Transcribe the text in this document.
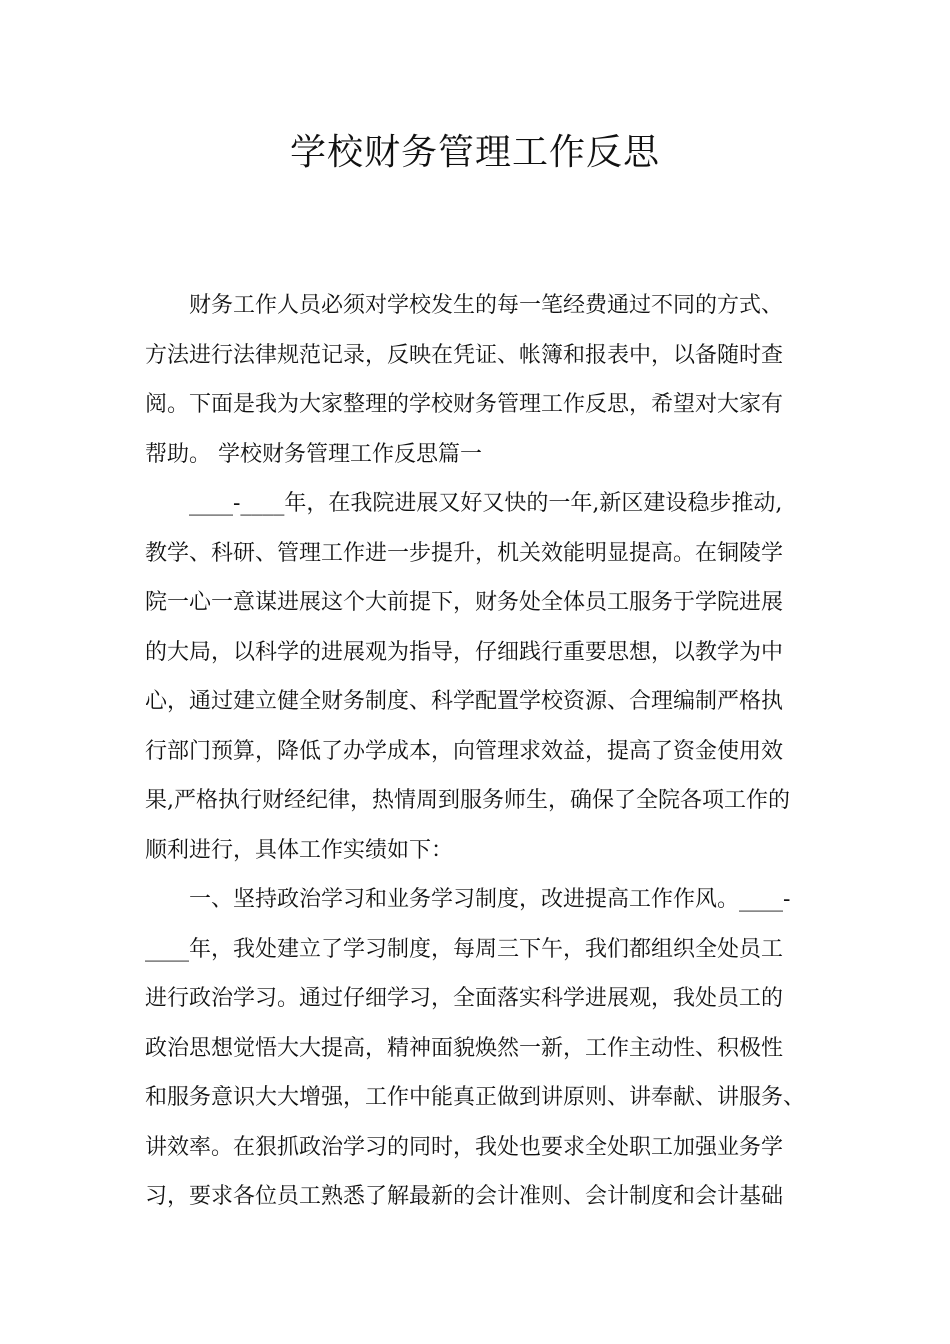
学校财务管理工作反思
财务工作人员必须对学校发生的每一笔经费通过不同的方式、
方法进行法律规范记录，反映在凭证、帐簿和报表中，以备随时查
阅。下面是我为大家整理的学校财务管理工作反思，希望对大家有
帮助。 学校财务管理工作反思篇一
____-____年，在我院进展又好又快的一年,新区建设稳步推动,
教学、科研、管理工作进一步提升，机关效能明显提高。在铜陵学
院一心一意谋进展这个大前提下，财务处全体员工服务于学院进展
的大局，以科学的进展观为指导，仔细践行重要思想，以教学为中
心，通过建立健全财务制度、科学配置学校资源、合理编制严格执
行部门预算，降低了办学成本，向管理求效益，提高了资金使用效
果,严格执行财经纪律，热情周到服务师生，确保了全院各项工作的
顺利进行，具体工作实绩如下：
一、坚持政治学习和业务学习制度，改进提高工作作风。____-
____年，我处建立了学习制度，每周三下午，我们都组织全处员工
进行政治学习。通过仔细学习，全面落实科学进展观，我处员工的
政治思想觉悟大大提高，精神面貌焕然一新，工作主动性、积极性
和服务意识大大增强，工作中能真正做到讲原则、讲奉献、讲服务、
讲效率。在狠抓政治学习的同时，我处也要求全处职工加强业务学
习，要求各位员工熟悉了解最新的会计准则、会计制度和会计基础
